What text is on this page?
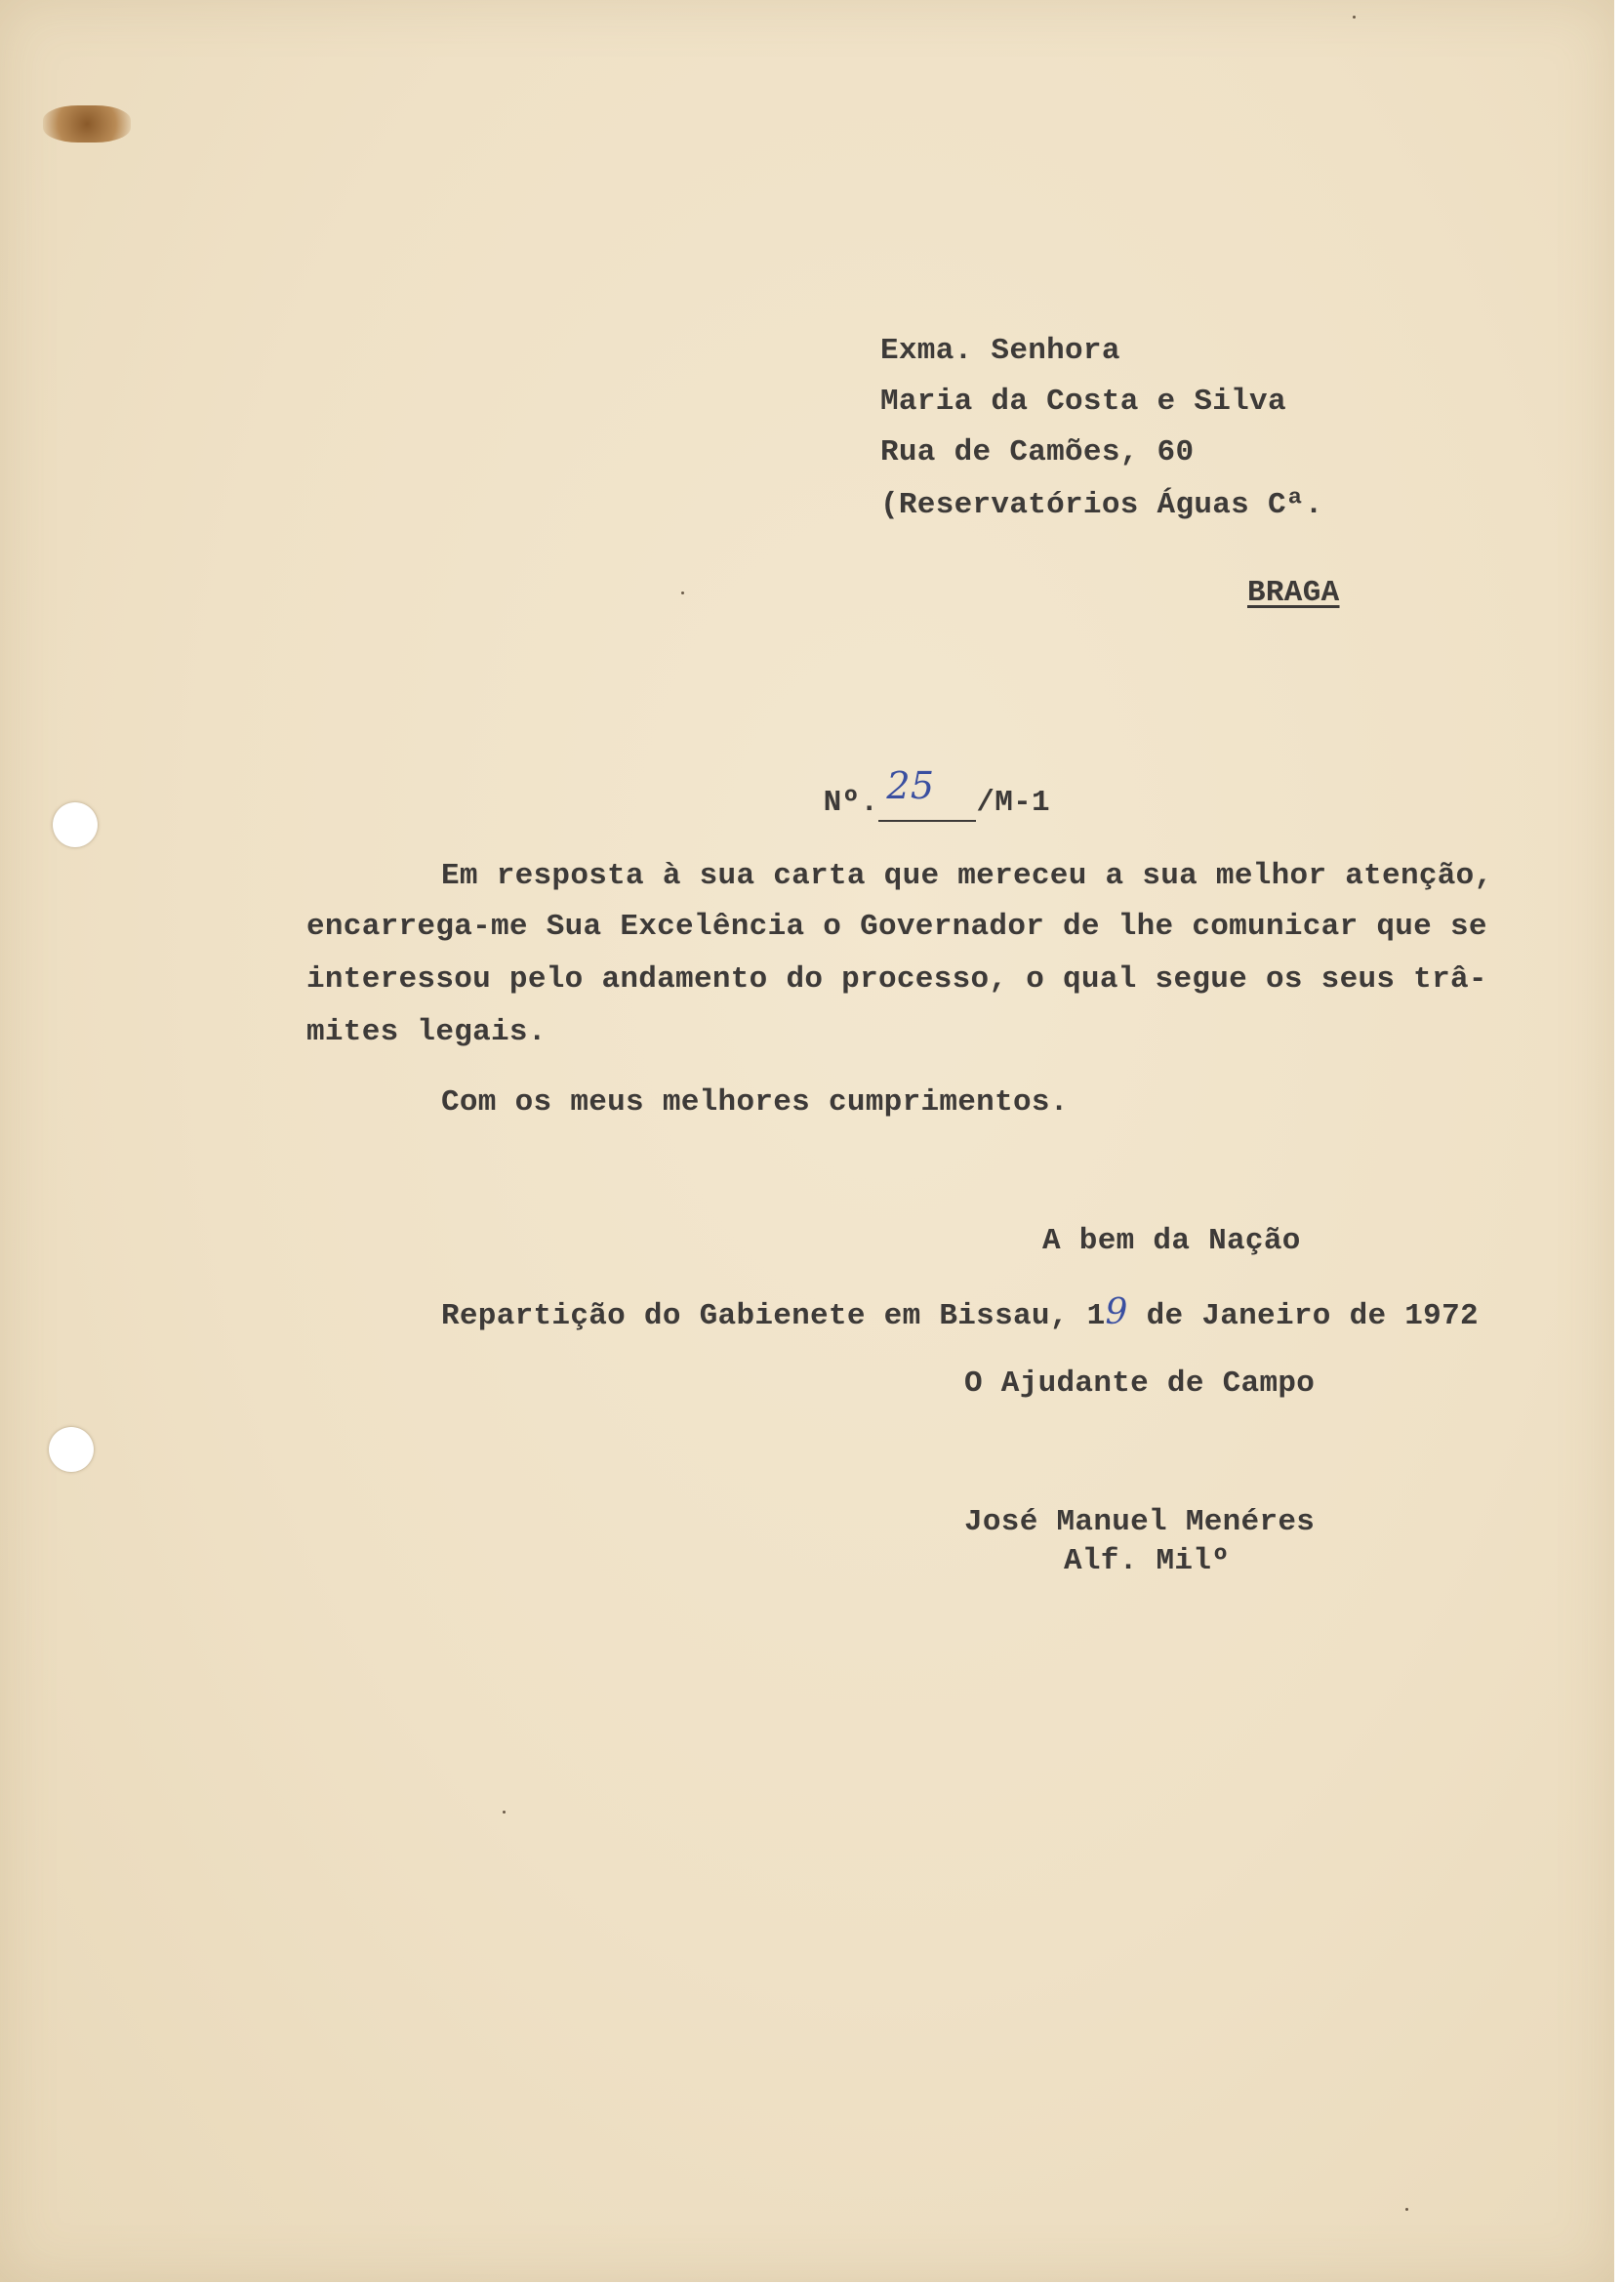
Exma. Senhora

Maria da Costa e Silva

Rua de Camões, 60

(Reservatórios Águas Cª.

BRAGA

Nº. 25 /M-1

Em resposta à sua carta que mereceu a sua melhor atenção,

encarrega-me Sua Excelência o Governador de lhe comunicar que se

interessou pelo andamento do processo, o qual segue os seus trâ-

mites legais.

Com os meus melhores cumprimentos.

A bem da Nação

Repartição do Gabienete em Bissau, 19 de Janeiro de 1972

O Ajudante de Campo

José Manuel Menéres

Alf. Milº
